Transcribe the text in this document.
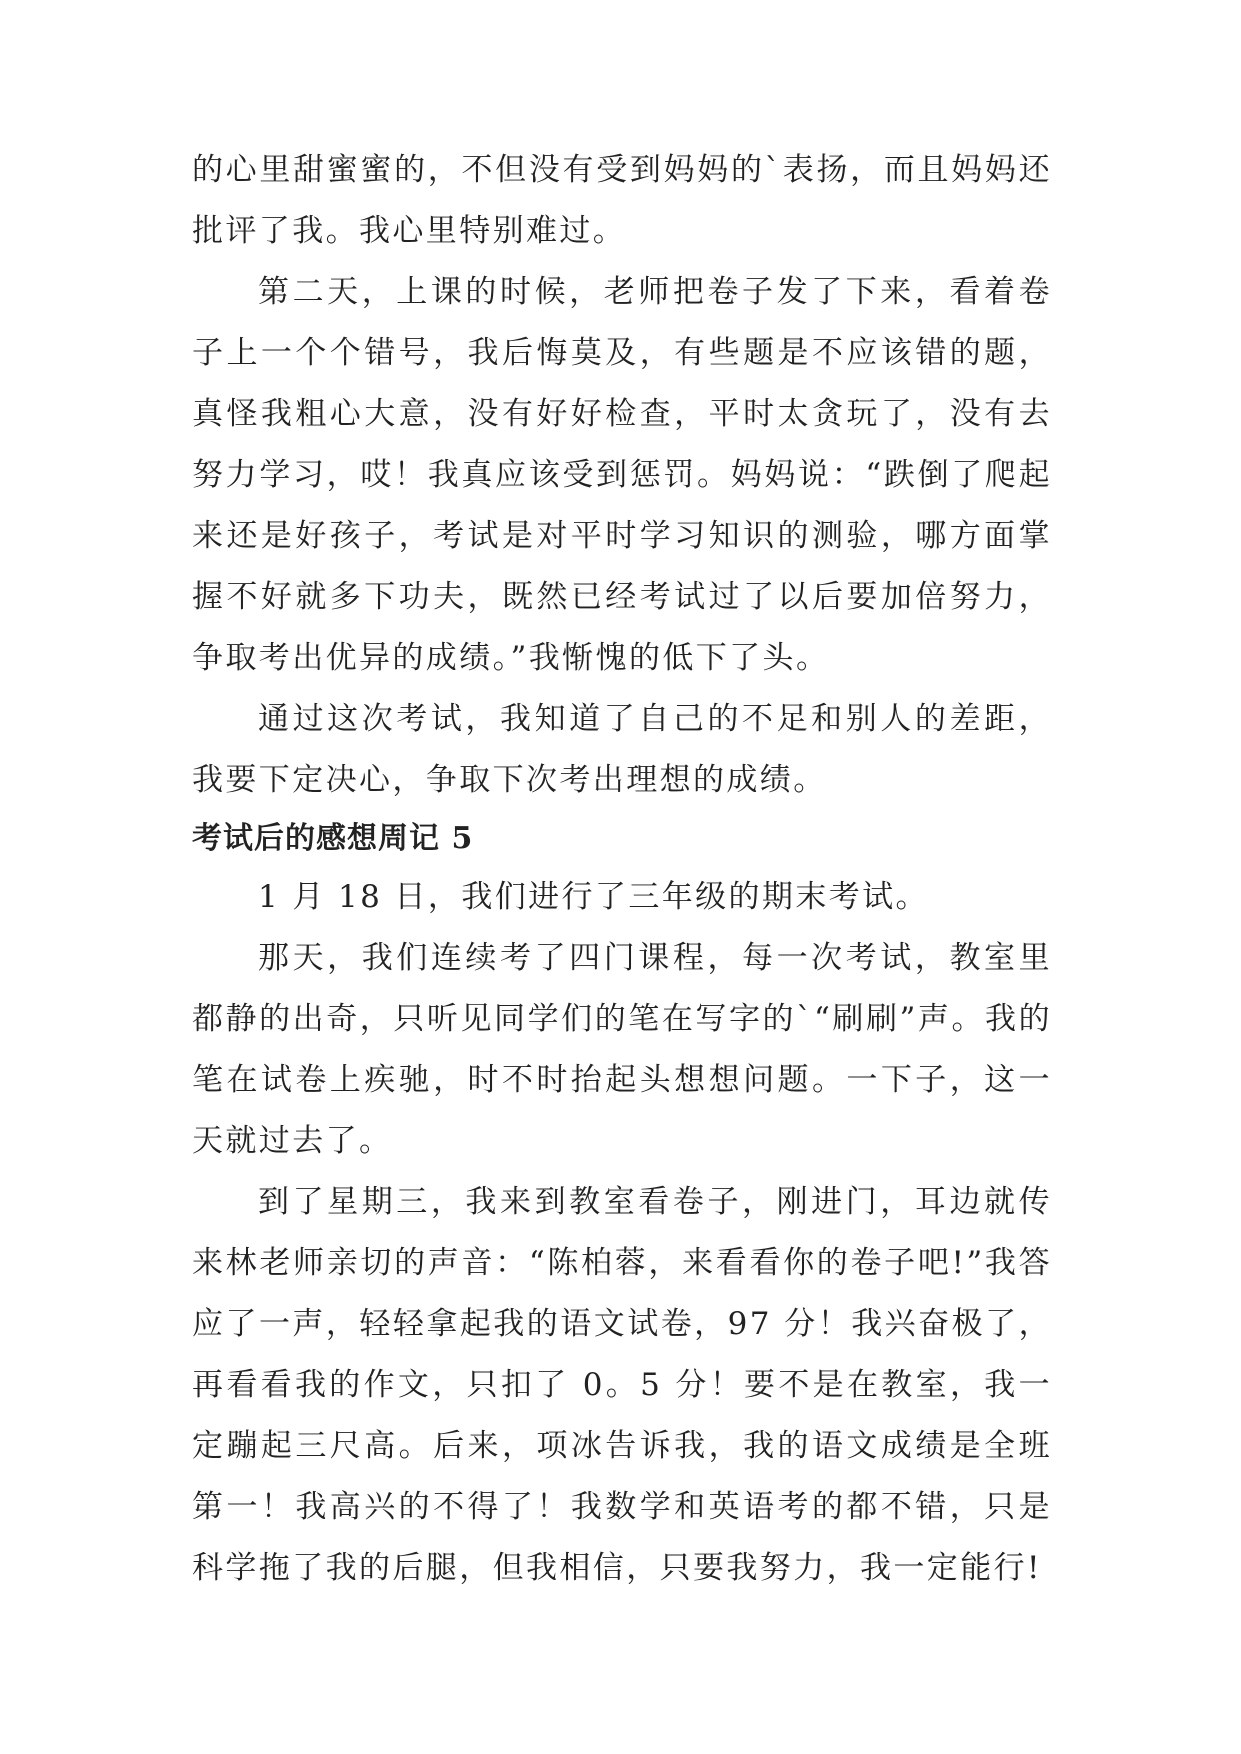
的心里甜蜜蜜的，不但没有受到妈妈的`表扬，而且妈妈还批评了我。我心里特别难过。

第二天，上课的时候，老师把卷子发了下来，看着卷子上一个个错号，我后悔莫及，有些题是不应该错的题，真怪我粗心大意，没有好好检查，平时太贪玩了，没有去努力学习，哎！我真应该受到惩罚。妈妈说：“跌倒了爬起来还是好孩子，考试是对平时学习知识的测验，哪方面掌握不好就多下功夫，既然已经考试过了以后要加倍努力，争取考出优异的成绩。”我惭愧的低下了头。

通过这次考试，我知道了自己的不足和别人的差距，我要下定决心，争取下次考出理想的成绩。

考试后的感想周记 5

1 月 18 日，我们进行了三年级的期末考试。

那天，我们连续考了四门课程，每一次考试，教室里都静的出奇，只听见同学们的笔在写字的`“刷刷”声。我的笔在试卷上疾驰，时不时抬起头想想问题。一下子，这一天就过去了。

到了星期三，我来到教室看卷子，刚进门，耳边就传来林老师亲切的声音：“陈柏蓉，来看看你的卷子吧!”我答应了一声，轻轻拿起我的语文试卷，97 分！我兴奋极了，再看看我的作文，只扣了 0。5 分！要不是在教室，我一定蹦起三尺高。后来，项冰告诉我，我的语文成绩是全班第一！我高兴的不得了！我数学和英语考的都不错，只是科学拖了我的后腿，但我相信，只要我努力，我一定能行!
